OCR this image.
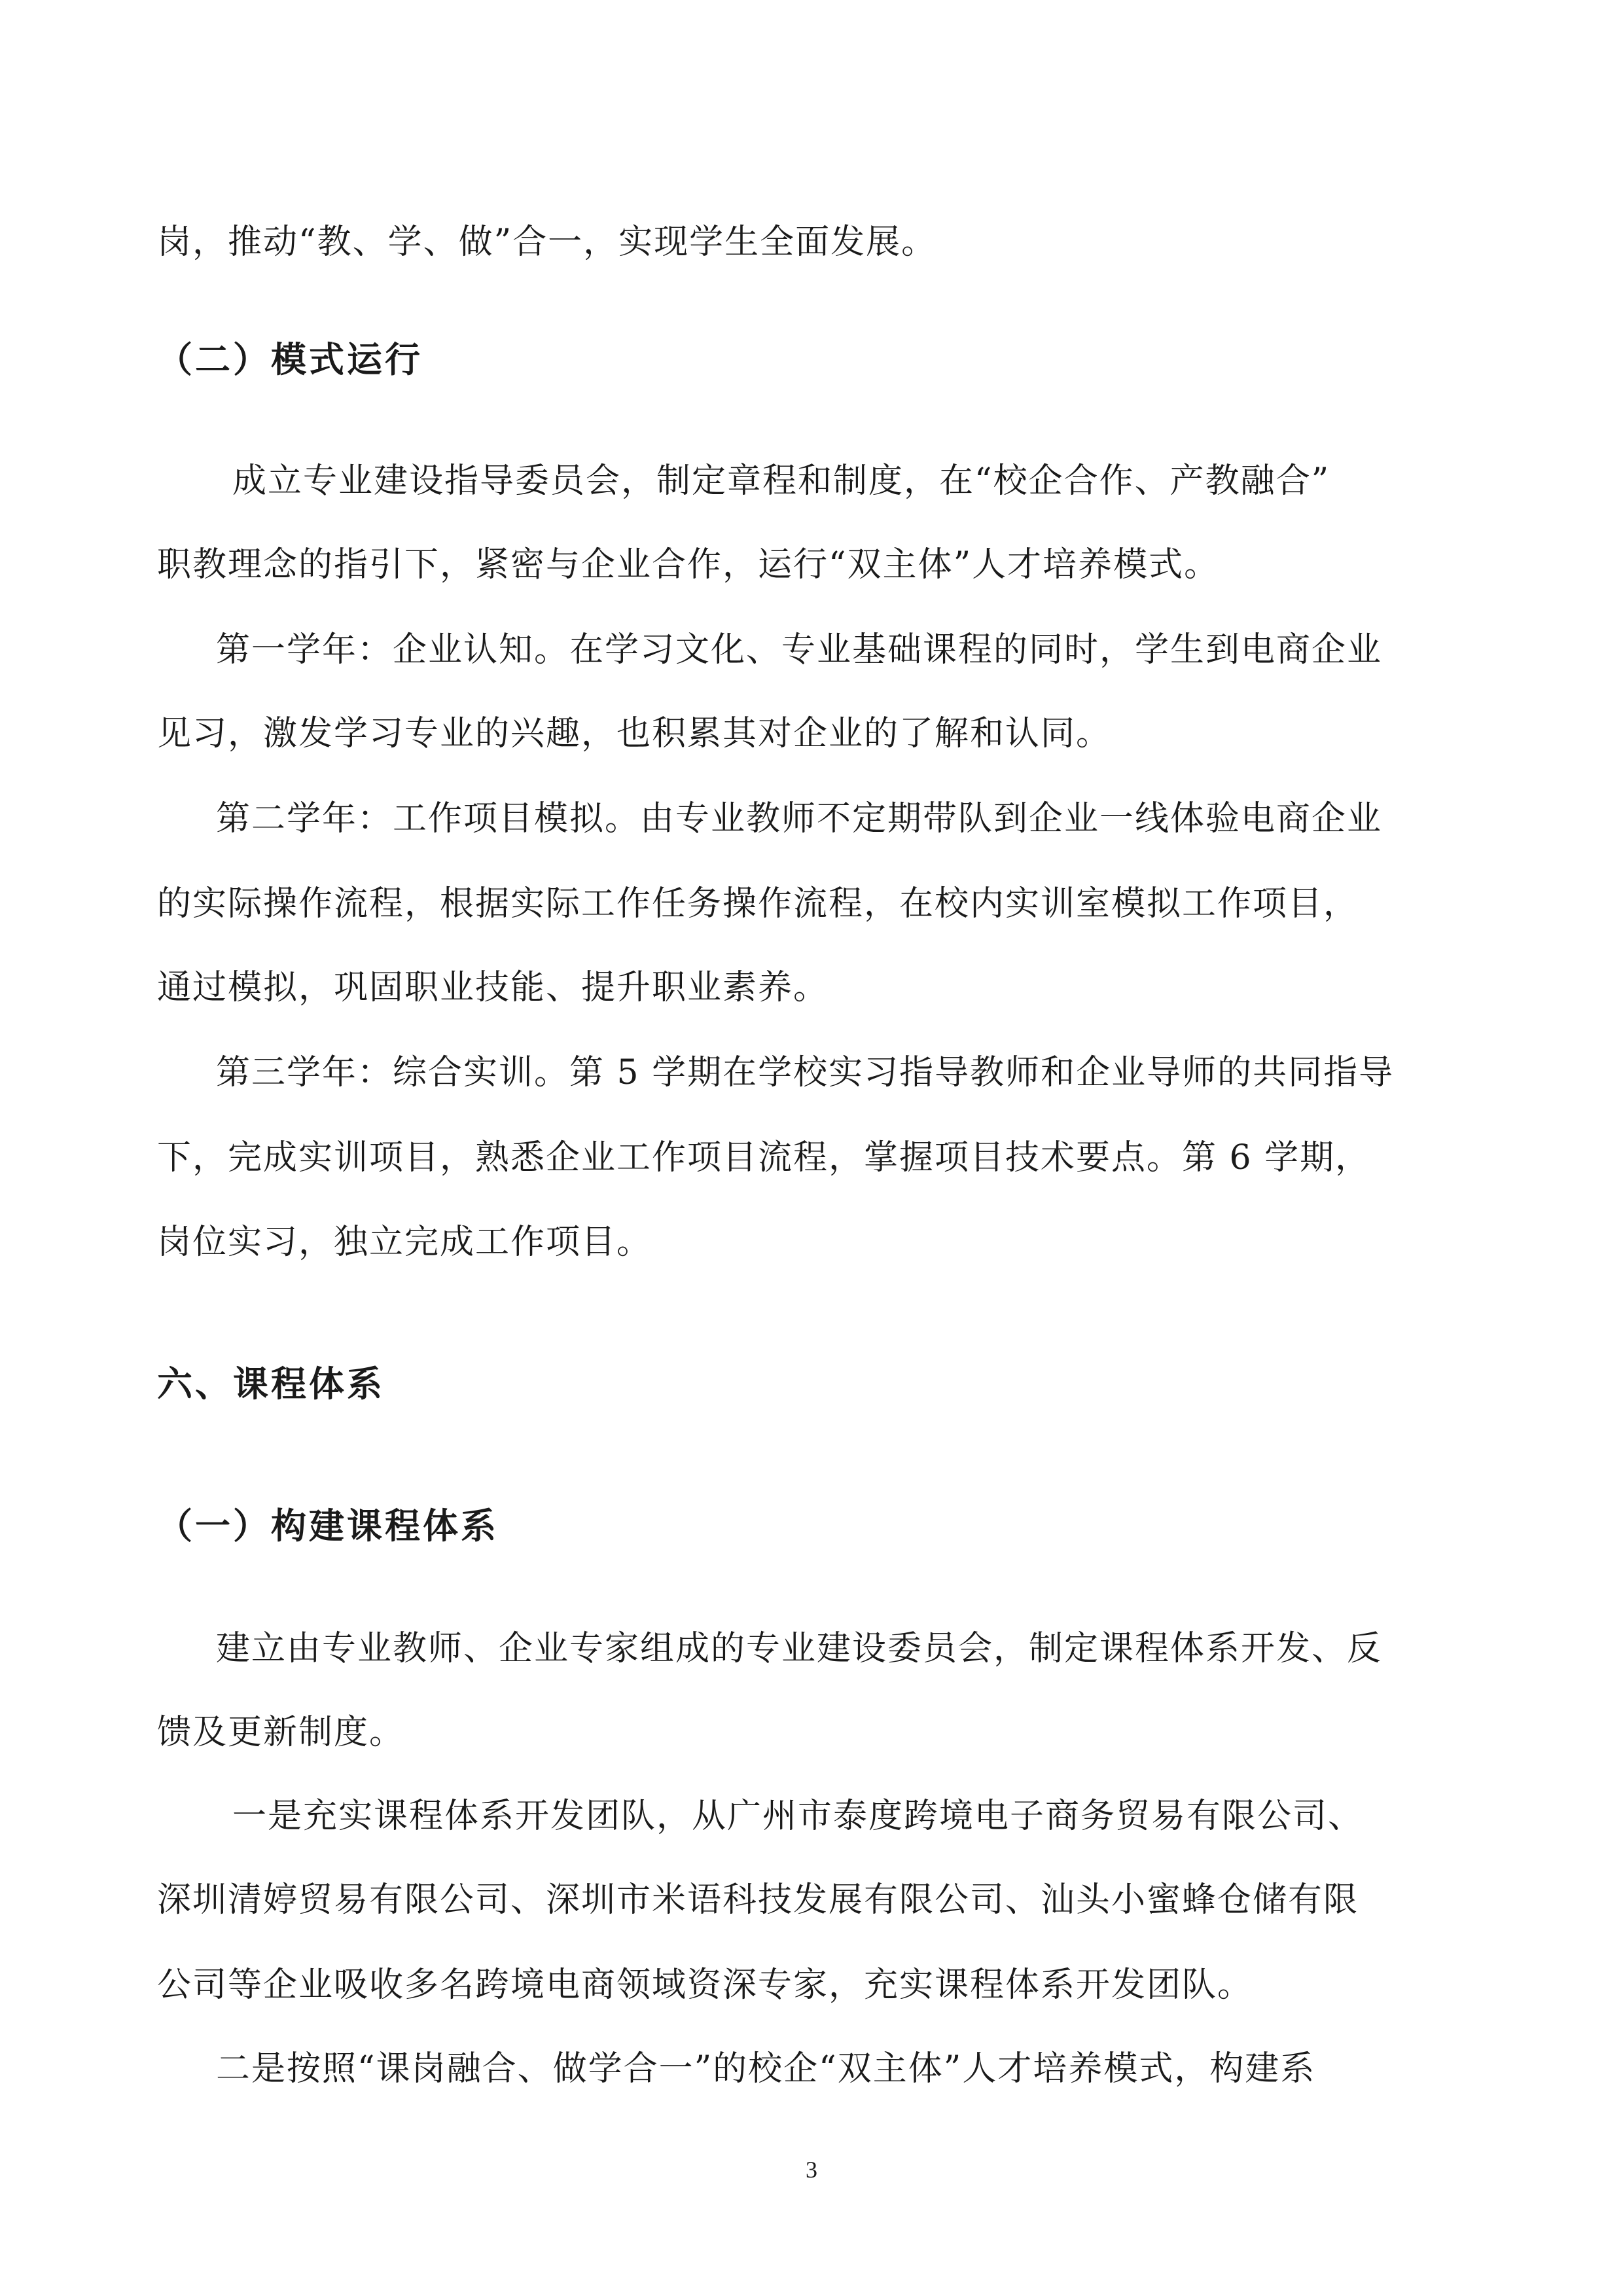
岗，推动“教、学、做”合一，实现学生全面发展。
（二）模式运行
成立专业建设指导委员会，制定章程和制度，在“校企合作、产教融合”
职教理念的指引下，紧密与企业合作，运行“双主体”人才培养模式。
第一学年：企业认知。在学习文化、专业基础课程的同时，学生到电商企业
见习，激发学习专业的兴趣，也积累其对企业的了解和认同。
第二学年：工作项目模拟。由专业教师不定期带队到企业一线体验电商企业
的实际操作流程，根据实际工作任务操作流程，在校内实训室模拟工作项目，
通过模拟，巩固职业技能、提升职业素养。
第三学年：综合实训。第 5 学期在学校实习指导教师和企业导师的共同指导
下，完成实训项目，熟悉企业工作项目流程，掌握项目技术要点。第 6 学期，
岗位实习，独立完成工作项目。
六、课程体系
（一）构建课程体系
建立由专业教师、企业专家组成的专业建设委员会，制定课程体系开发、反
馈及更新制度。
一是充实课程体系开发团队，从广州市泰度跨境电子商务贸易有限公司、
深圳清婷贸易有限公司、深圳市米语科技发展有限公司、汕头小蜜蜂仓储有限
公司等企业吸收多名跨境电商领域资深专家，充实课程体系开发团队。
二是按照“课岗融合、做学合一”的校企“双主体”人才培养模式，构建系
3
